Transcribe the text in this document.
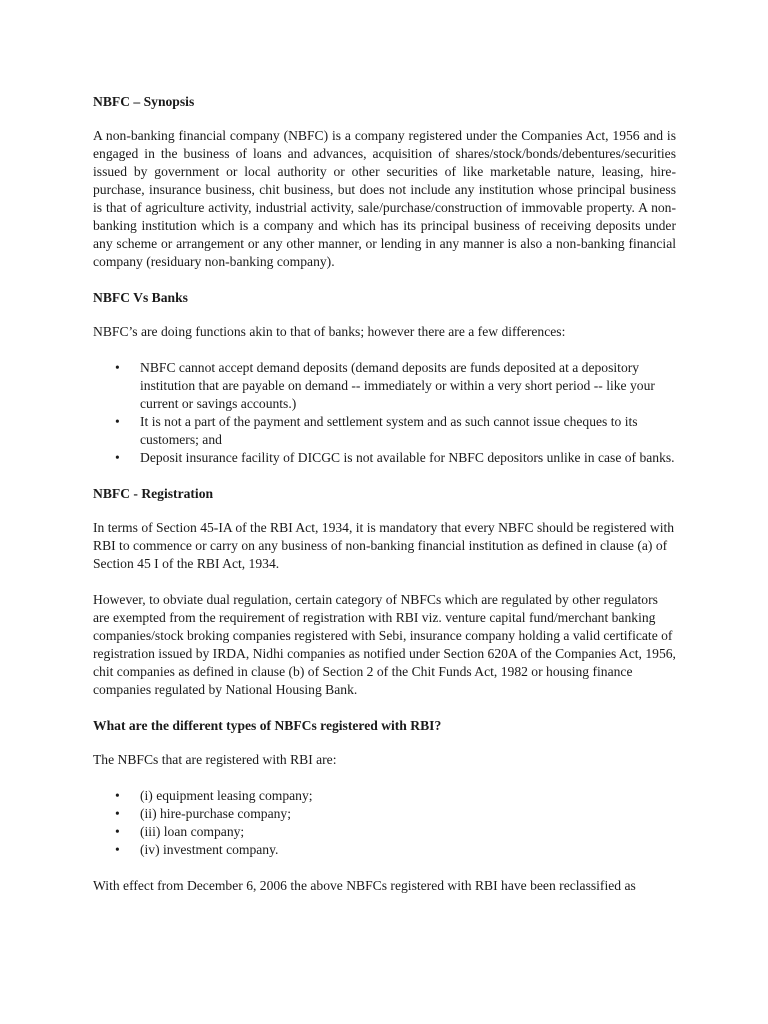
NBFC – Synopsis

A non-banking financial company (NBFC) is a company registered under the Companies Act, 1956 and is engaged in the business of loans and advances, acquisition of shares/stock/bonds/debentures/securities issued by government or local authority or other securities of like marketable nature, leasing, hire-purchase, insurance business, chit business, but does not include any institution whose principal business is that of agriculture activity, industrial activity, sale/purchase/construction of immovable property. A non-banking institution which is a company and which has its principal business of receiving deposits under any scheme or arrangement or any other manner, or lending in any manner is also a non-banking financial company (residuary non-banking company).

NBFC Vs Banks

NBFC’s are doing functions akin to that of banks; however there are a few differences:

• NBFC cannot accept demand deposits (demand deposits are funds deposited at a depository institution that are payable on demand -- immediately or within a very short period -- like your current or savings accounts.)
• It is not a part of the payment and settlement system and as such cannot issue cheques to its customers; and
• Deposit insurance facility of DICGC is not available for NBFC depositors unlike in case of banks.
NBFC - Registration

In terms of Section 45-IA of the RBI Act, 1934, it is mandatory that every NBFC should be registered with RBI to commence or carry on any business of non-banking financial institution as defined in clause (a) of Section 45 I of the RBI Act, 1934.

However, to obviate dual regulation, certain category of NBFCs which are regulated by other regulators are exempted from the requirement of registration with RBI viz. venture capital fund/merchant banking companies/stock broking companies registered with Sebi, insurance company holding a valid certificate of registration issued by IRDA, Nidhi companies as notified under Section 620A of the Companies Act, 1956, chit companies as defined in clause (b) of Section 2 of the Chit Funds Act, 1982 or housing finance companies regulated by National Housing Bank.

What are the different types of NBFCs registered with RBI?

The NBFCs that are registered with RBI are:

• (i) equipment leasing company;
• (ii) hire-purchase company;
• (iii) loan company;
• (iv) investment company.

With effect from December 6, 2006 the above NBFCs registered with RBI have been reclassified as
